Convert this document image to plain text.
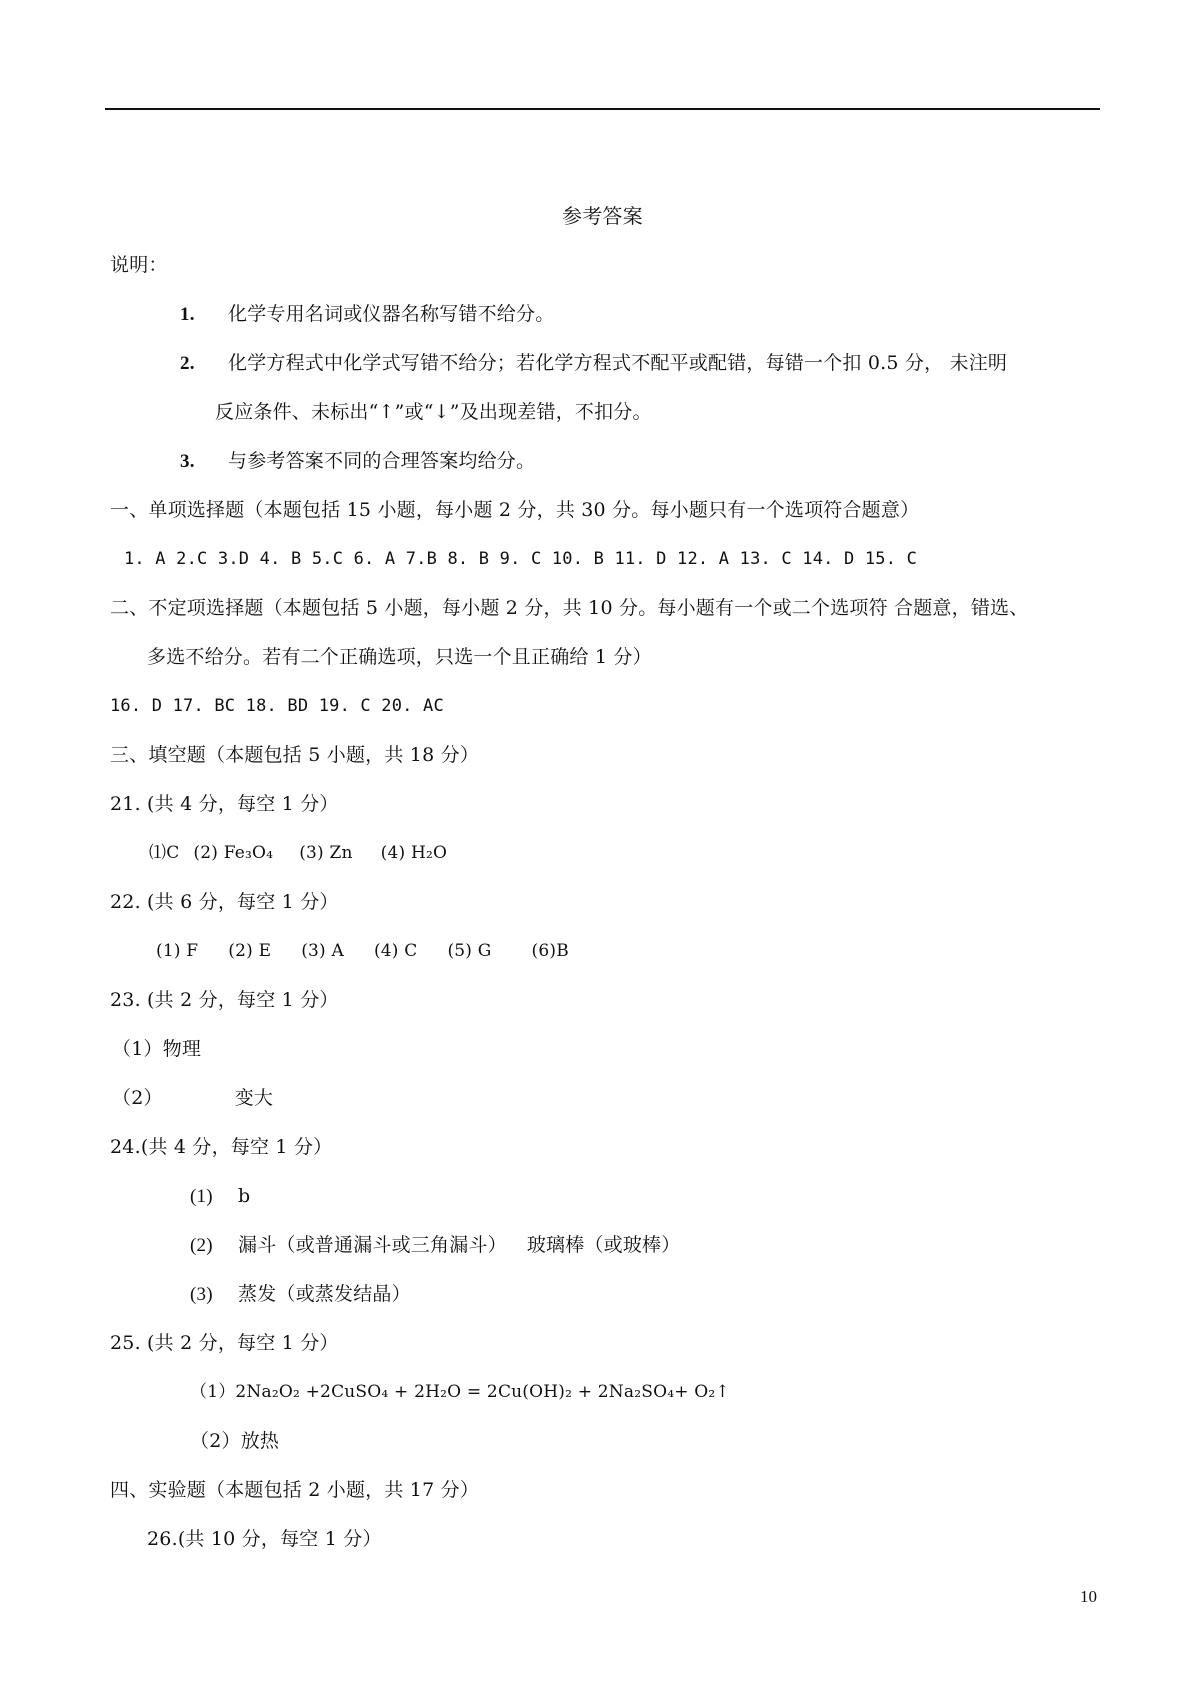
参考答案
说明：
1. 化学专用名词或仪器名称写错不给分。
2. 化学方程式中化学式写错不给分；若化学方程式不配平或配错，每错一个扣 0.5 分， 未注明
反应条件、未标出“↑”或“↓”及出现差错，不扣分。
3. 与参考答案不同的合理答案均给分。
一、单项选择题（本题包括 15 小题，每小题 2 分，共 30 分。每小题只有一个选项符合题意）
1. A 2.C 3.D 4. B 5.C 6. A 7.B 8. B 9. C 10. B 11. D 12. A 13. C 14. D 15. C
二、不定项选择题（本题包括 5 小题，每小题 2 分，共 10 分。每小题有一个或二个选项符 合题意，错选、
多选不给分。若有二个正确选项，只选一个且正确给 1 分）
16. D 17. BC 18. BD 19. C 20. AC
三、填空题（本题包括 5 小题，共 18 分）
21. (共 4 分，每空 1 分）
⑴C (2) Fe₃O₄ (3) Zn (4) H₂O
22. (共 6 分，每空 1 分）
(1) F (2) E (3) A (4) C (5) G (6)B
23. (共 2 分，每空 1 分）
（1）物理
（2）	变大
24.(共 4 分，每空 1 分）
(1) b
(2) 漏斗（或普通漏斗或三角漏斗） 玻璃棒（或玻棒）
(3) 蒸发（或蒸发结晶）
25. (共 2 分，每空 1 分）
（1）2Na₂O₂ +2CuSO₄ + 2H₂O = 2Cu(OH)₂ + 2Na₂SO₄+ O₂↑
（2）放热
四、实验题（本题包括 2 小题，共 17 分）
26.(共 10 分，每空 1 分）
10
